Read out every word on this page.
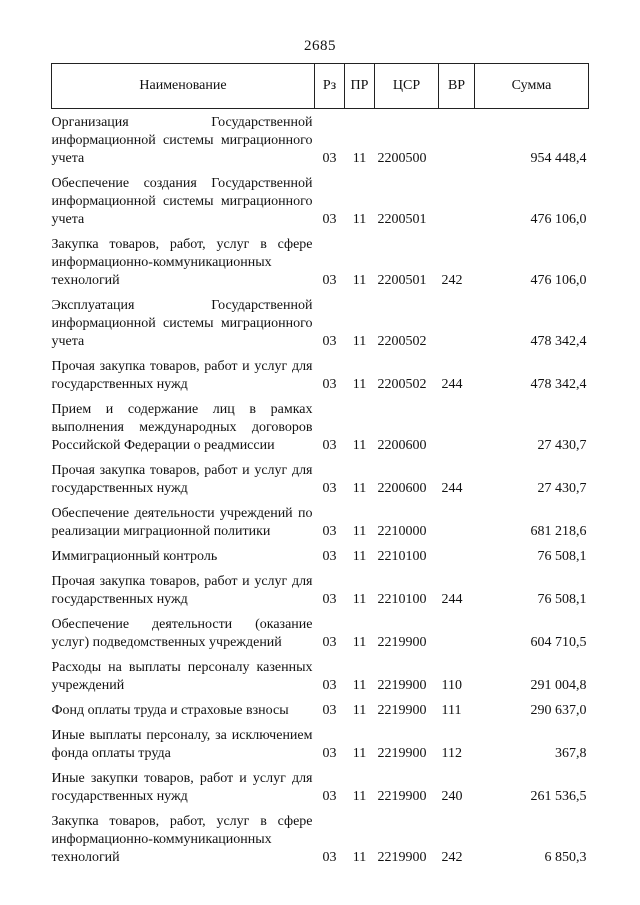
2685
Наименование	Рз	ПР	ЦСР	ВР	Сумма
Организация Государственной информационной системы миграционного учета	03	11	2200500		954 448,4
Обеспечение создания Государственной информационной системы миграционного учета	03	11	2200501		476 106,0
Закупка товаров, работ, услуг в сфере информационно-коммуникационных технологий	03	11	2200501	242	476 106,0
Эксплуатация Государственной информационной системы миграционного учета	03	11	2200502		478 342,4
Прочая закупка товаров, работ и услуг для государственных нужд	03	11	2200502	244	478 342,4
Прием и содержание лиц в рамках выполнения международных договоров Российской Федерации о реадмиссии	03	11	2200600		27 430,7
Прочая закупка товаров, работ и услуг для государственных нужд	03	11	2200600	244	27 430,7
Обеспечение деятельности учреждений по реализации миграционной политики	03	11	2210000		681 218,6
Иммиграционный контроль	03	11	2210100		76 508,1
Прочая закупка товаров, работ и услуг для государственных нужд	03	11	2210100	244	76 508,1
Обеспечение деятельности (оказание услуг) подведомственных учреждений	03	11	2219900		604 710,5
Расходы на выплаты персоналу казенных учреждений	03	11	2219900	110	291 004,8
Фонд оплаты труда и страховые взносы	03	11	2219900	111	290 637,0
Иные выплаты персоналу, за исключением фонда оплаты труда	03	11	2219900	112	367,8
Иные закупки товаров, работ и услуг для государственных нужд	03	11	2219900	240	261 536,5
Закупка товаров, работ, услуг в сфере информационно-коммуникационных технологий	03	11	2219900	242	6 850,3
